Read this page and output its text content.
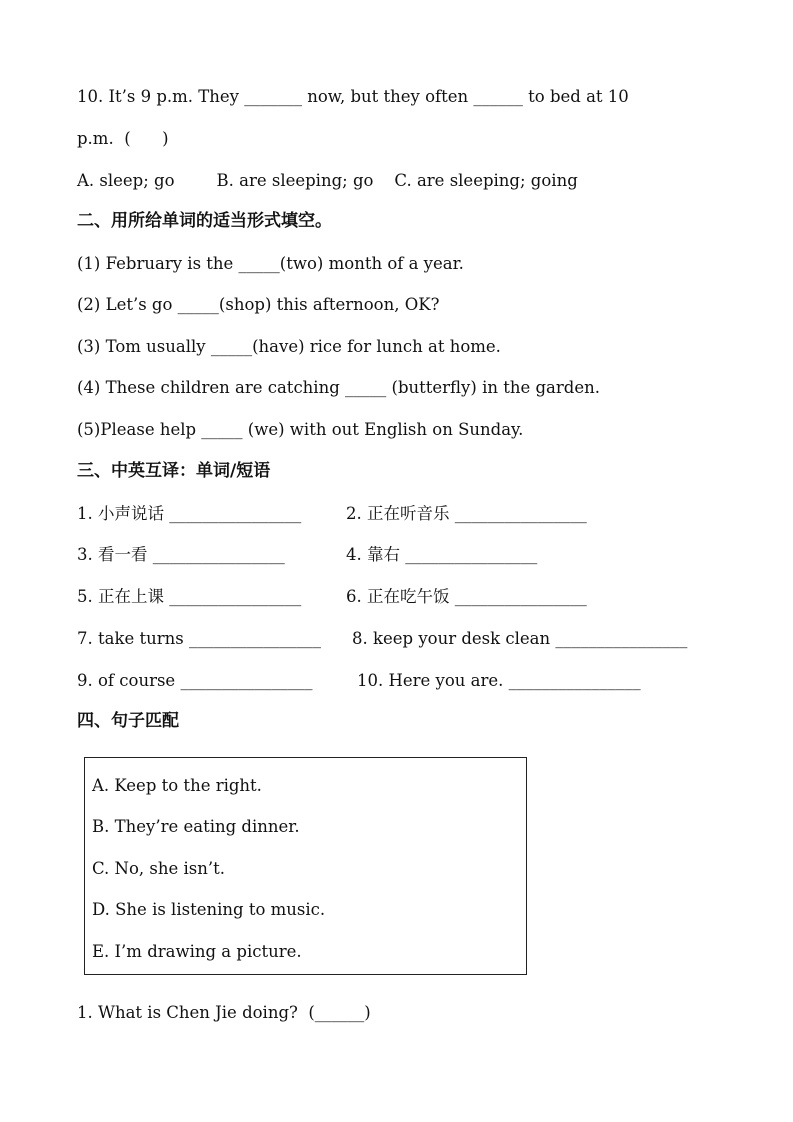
10. It’s 9 p.m. They _______ now, but they often ______ to bed at 10
p.m.  (      )
A. sleep; go        B. are sleeping; go    C. are sleeping; going
二、用所给单词的适当形式填空。
(1) February is the _____(two) month of a year.
(2) Let’s go _____(shop) this afternoon, OK?
(3) Tom usually _____(have) rice for lunch at home.
(4) These children are catching _____ (butterfly) in the garden.
(5)Please help _____ (we) with out English on Sunday.
三、中英互译：单词/短语
1. 小声说话 ________________	2. 正在听音乐 ________________
3. 看一看 ________________	4. 靠右 ________________
5. 正在上课 ________________	6. 正在吃午饭 ________________
7. take turns ________________ 8. keep your desk clean ________________
9. of course ________________	10. Here you are. ________________
四、句子匹配
A. Keep to the right.
B. They’re eating dinner.
C. No, she isn’t.
D. She is listening to music.
E. I’m drawing a picture.
1. What is Chen Jie doing?  (______)
